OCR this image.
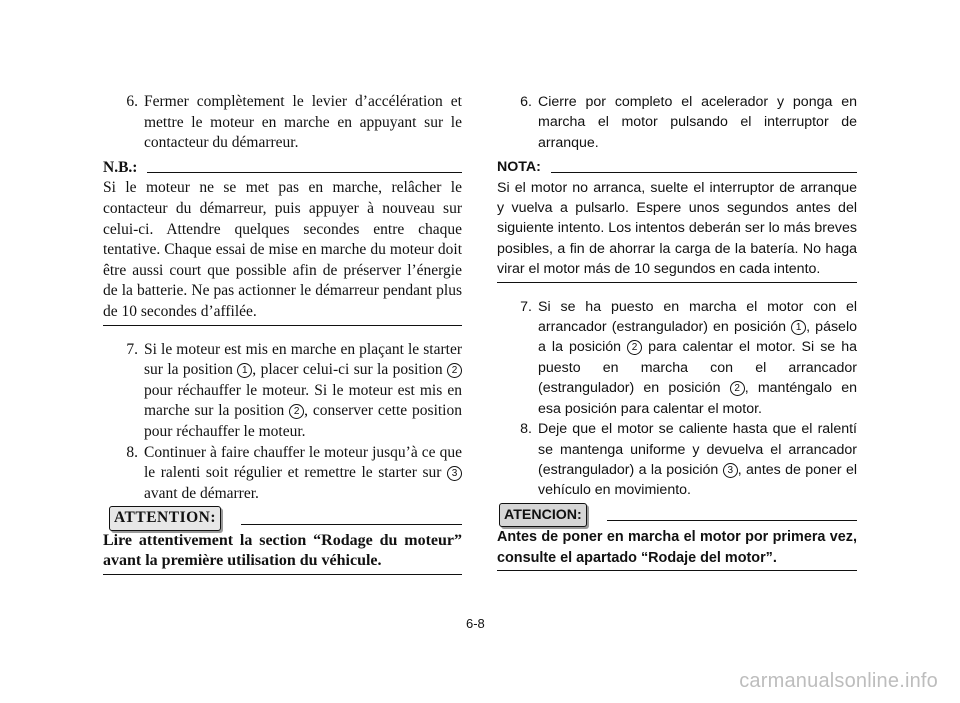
6. Fermer complètement le levier d’accélération et mettre le moteur en marche en appuyant sur le contacteur du démarreur.
N.B.:
Si le moteur ne se met pas en marche, relâcher le contacteur du démarreur, puis appuyer à nouveau sur celui-ci. Attendre quelques secondes entre chaque tentative. Chaque essai de mise en marche du moteur doit être aussi court que possible afin de préserver l’énergie de la batterie. Ne pas actionner le démarreur pendant plus de 10 secondes d’affilée.
7. Si le moteur est mis en marche en plaçant le starter sur la position 1 , placer celui-ci sur la position 2 pour réchauffer le moteur. Si le moteur est mis en marche sur la position 2 , conserver cette position pour réchauffer le moteur.
8. Continuer à faire chauffer le moteur jusqu’à ce que le ralenti soit régulier et remettre le starter sur 3 avant de démarrer.
ATTENTION:
Lire attentivement la section “Rodage du moteur” avant la première utilisation du véhicule.
6. Cierre por completo el acelerador y ponga en marcha el motor pulsando el interruptor de arranque.
NOTA:
Si el motor no arranca, suelte el interruptor de arranque y vuelva a pulsarlo. Espere unos segundos antes del siguiente intento. Los intentos deberán ser lo más breves posibles, a fin de ahorrar la carga de la batería. No haga virar el motor más de 10 segundos en cada intento.
7. Si se ha puesto en marcha el motor con el arrancador (estrangulador) en posición 1 , páselo a la posición 2 para calentar el motor. Si se ha puesto en marcha con el arrancador (estrangulador) en posición 2 , manténgalo en esa posición para calentar el motor.
8. Deje que el motor se caliente hasta que el ralentí se mantenga uniforme y devuelva el arrancador (estrangulador) a la posición 3 , antes de poner el vehículo en movimiento.
ATENCION:
Antes de poner en marcha el motor por primera vez, consulte el apartado “Rodaje del motor”.
6-8
carmanualsonline.info
